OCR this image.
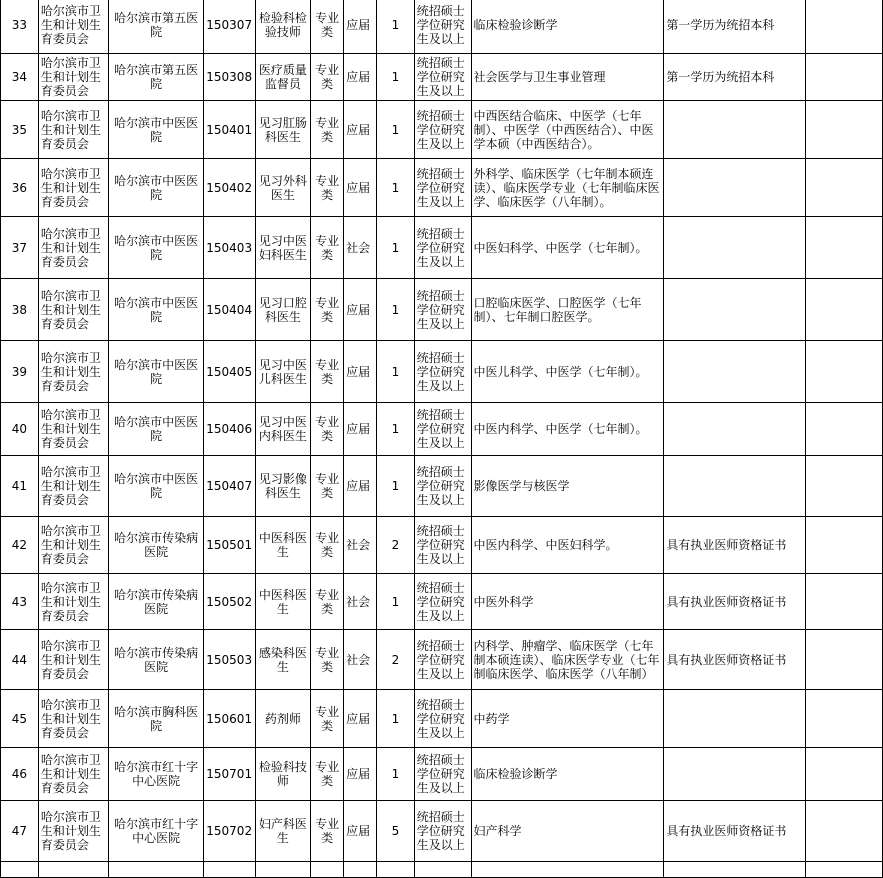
33	哈尔滨市卫生和计划生育委员会	哈尔滨市第五医院	150307	检验科检验技师	专业类	应届	1	统招硕士学位研究生及以上	临床检验诊断学	第一学历为统招本科	
34	哈尔滨市卫生和计划生育委员会	哈尔滨市第五医院	150308	医疗质量监督员	专业类	应届	1	统招硕士学位研究生及以上	社会医学与卫生事业管理	第一学历为统招本科	
35	哈尔滨市卫生和计划生育委员会	哈尔滨市中医医院	150401	见习肛肠科医生	专业类	应届	1	统招硕士学位研究生及以上	中西医结合临床、中医学（七年制）、中医学（中西医结合）、中医学本硕（中西医结合）。		
36	哈尔滨市卫生和计划生育委员会	哈尔滨市中医医院	150402	见习外科医生	专业类	应届	1	统招硕士学位研究生及以上	外科学、临床医学（七年制本硕连读）、临床医学专业（七年制临床医学、临床医学（八年制）。		
37	哈尔滨市卫生和计划生育委员会	哈尔滨市中医医院	150403	见习中医妇科医生	专业类	社会	1	统招硕士学位研究生及以上	中医妇科学、中医学（七年制）。		
38	哈尔滨市卫生和计划生育委员会	哈尔滨市中医医院	150404	见习口腔科医生	专业类	应届	1	统招硕士学位研究生及以上	口腔临床医学、口腔医学（七年制）、七年制口腔医学。		
39	哈尔滨市卫生和计划生育委员会	哈尔滨市中医医院	150405	见习中医儿科医生	专业类	应届	1	统招硕士学位研究生及以上	中医儿科学、中医学（七年制）。		
40	哈尔滨市卫生和计划生育委员会	哈尔滨市中医医院	150406	见习中医内科医生	专业类	应届	1	统招硕士学位研究生及以上	中医内科学、中医学（七年制）。		
41	哈尔滨市卫生和计划生育委员会	哈尔滨市中医医院	150407	见习影像科医生	专业类	应届	1	统招硕士学位研究生及以上	影像医学与核医学		
42	哈尔滨市卫生和计划生育委员会	哈尔滨市传染病医院	150501	中医科医生	专业类	社会	2	统招硕士学位研究生及以上	中医内科学、中医妇科学。	具有执业医师资格证书	
43	哈尔滨市卫生和计划生育委员会	哈尔滨市传染病医院	150502	中医科医生	专业类	社会	1	统招硕士学位研究生及以上	中医外科学	具有执业医师资格证书	
44	哈尔滨市卫生和计划生育委员会	哈尔滨市传染病医院	150503	感染科医生	专业类	社会	2	统招硕士学位研究生及以上	内科学、肿瘤学、临床医学（七年制本硕连读）、临床医学专业（七年制临床医学、临床医学（八年制）	具有执业医师资格证书	
45	哈尔滨市卫生和计划生育委员会	哈尔滨市胸科医院	150601	药剂师	专业类	应届	1	统招硕士学位研究生及以上	中药学		
46	哈尔滨市卫生和计划生育委员会	哈尔滨市红十字中心医院	150701	检验科技师	专业类	应届	1	统招硕士学位研究生及以上	临床检验诊断学		
47	哈尔滨市卫生和计划生育委员会	哈尔滨市红十字中心医院	150702	妇产科医生	专业类	应届	5	统招硕士学位研究生及以上	妇产科学	具有执业医师资格证书	
